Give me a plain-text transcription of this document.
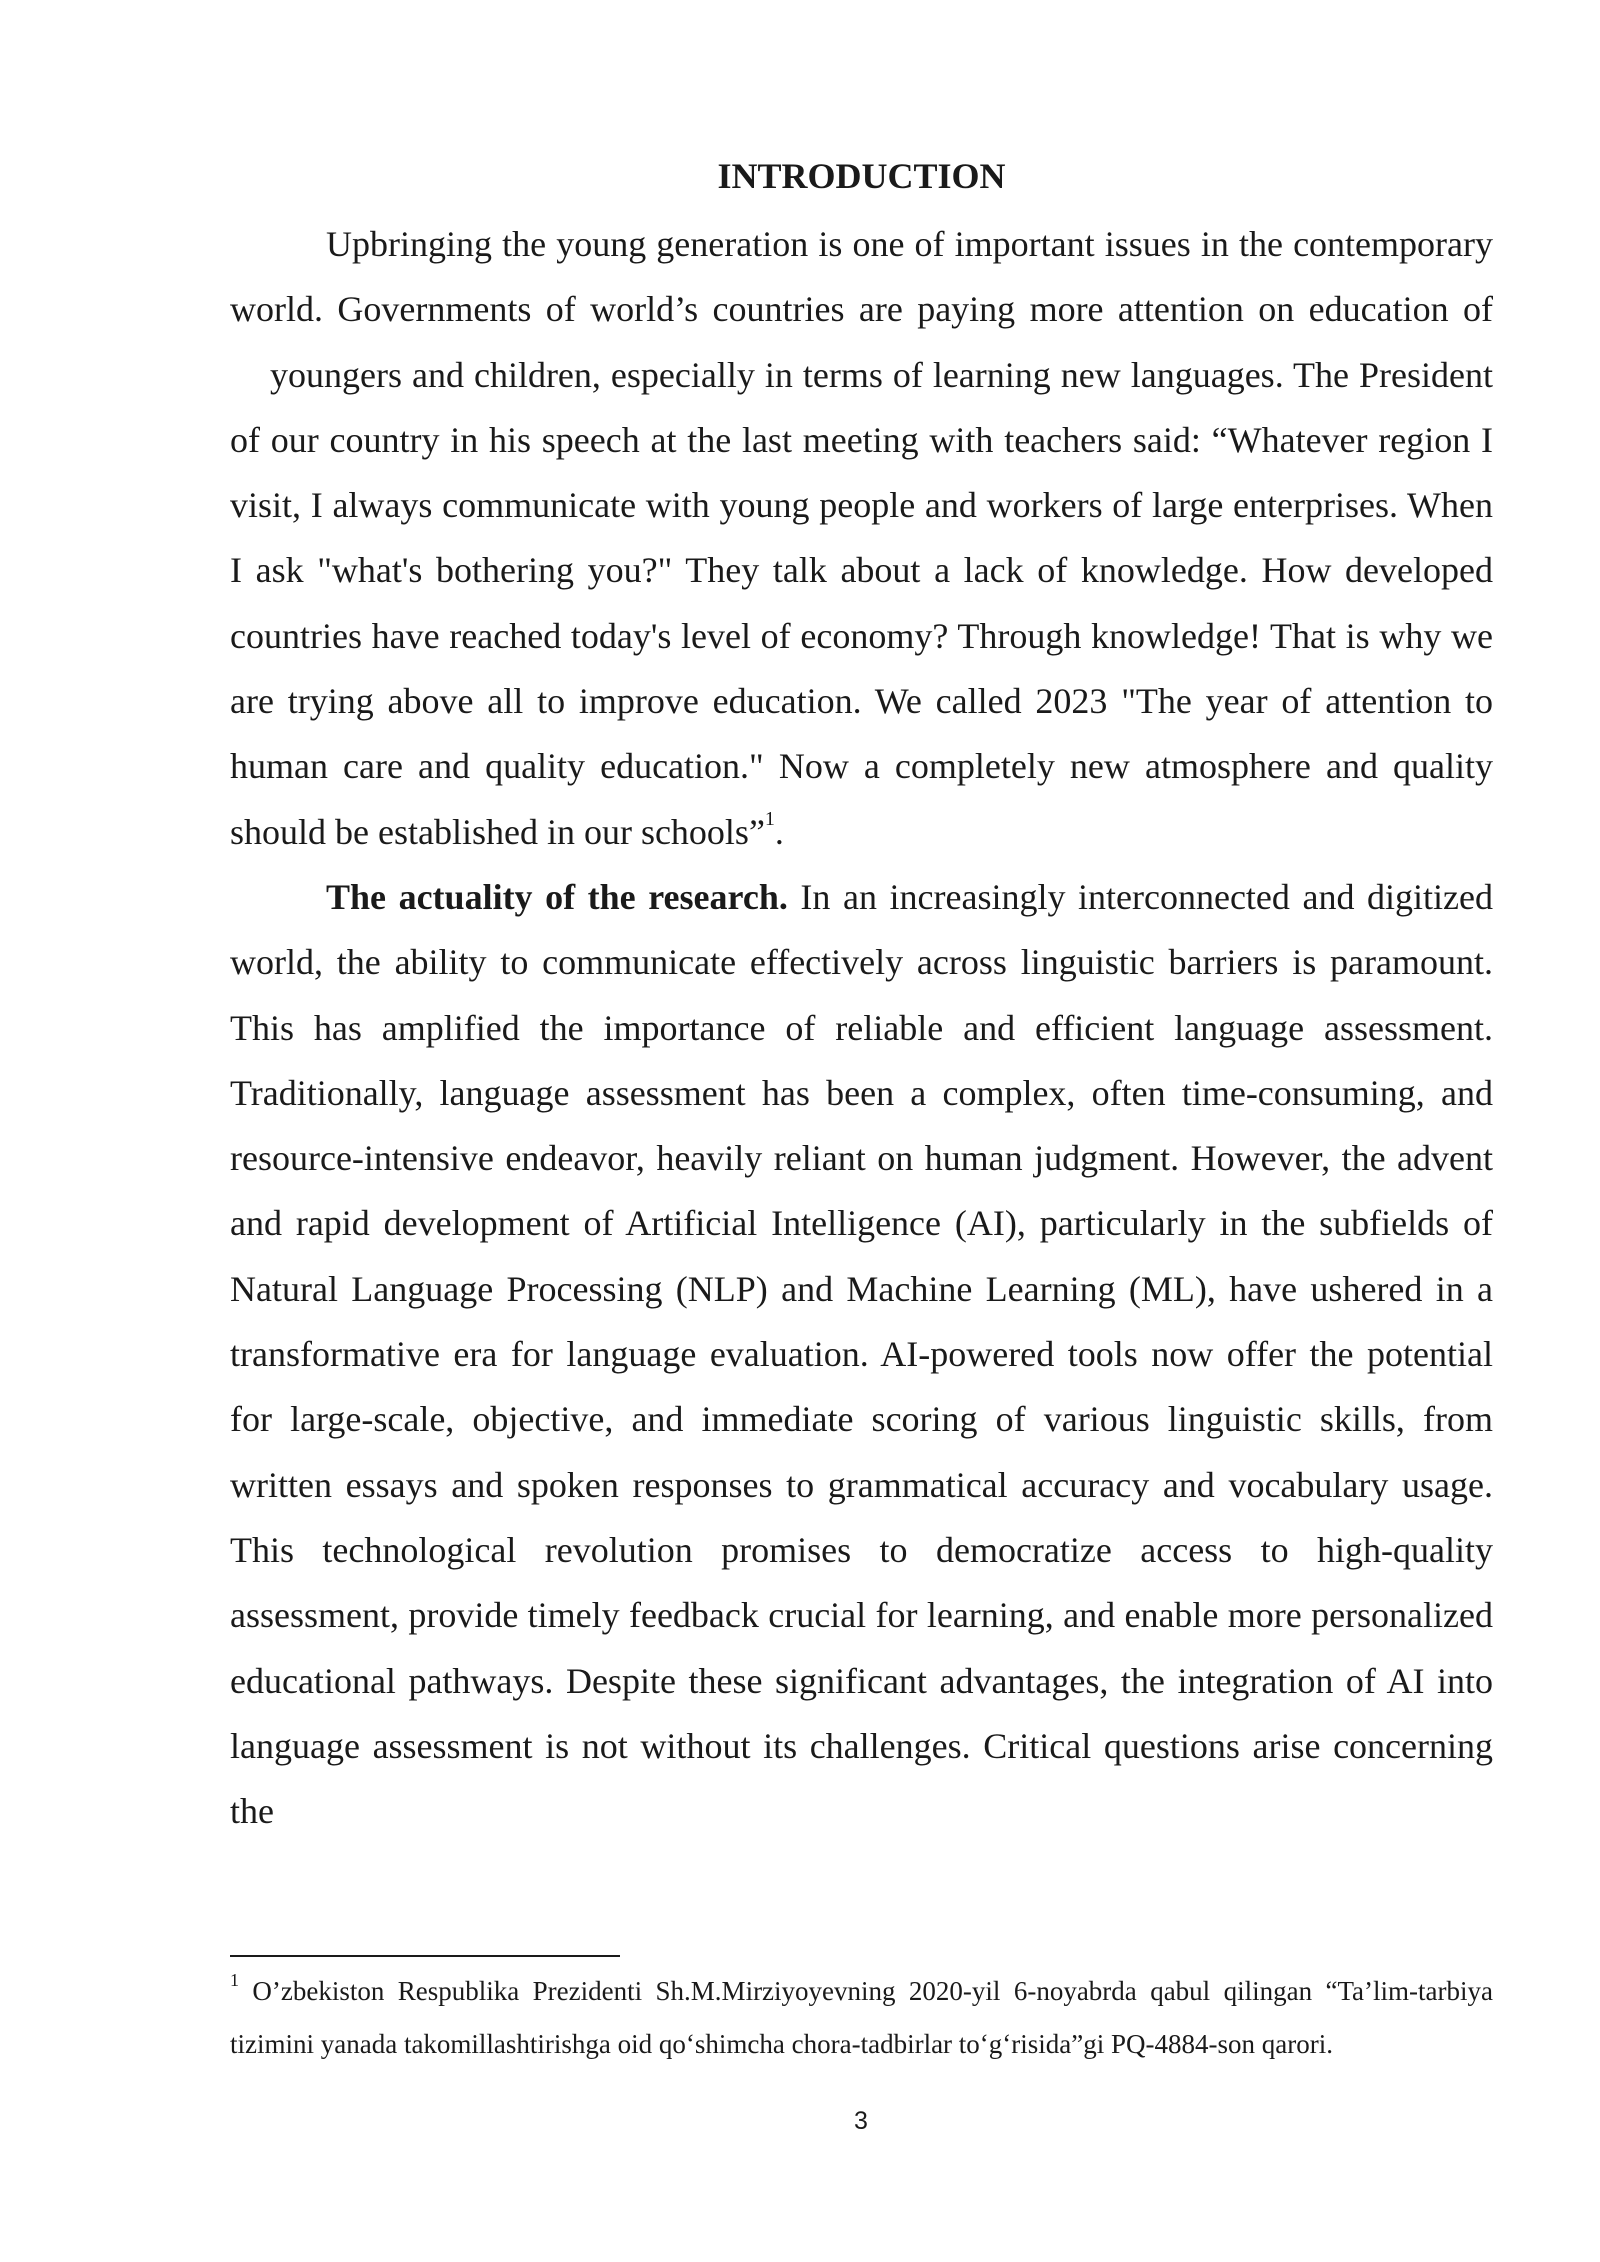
INTRODUCTION

Upbringing the young generation is one of important issues in the contemporary world. Governments of world’s countries are paying more attention on education of     youngers and children, especially in terms of learning new languages. The President of our country in his speech at the last meeting with teachers said: “Whatever region I visit, I always communicate with young people and workers of large enterprises. When I ask "what's bothering you?" They talk about a lack of knowledge. How developed countries have reached today's level of economy? Through knowledge! That is why we are trying above all to improve education. We called 2023 "The year of attention to human care and quality education." Now a completely new atmosphere and quality should be established in our schools”$^1$.

The actuality of the research. In an increasingly interconnected and digitized world, the ability to communicate effectively across linguistic barriers is paramount. This has amplified the importance of reliable and efficient language assessment. Traditionally, language assessment has been a complex, often time-consuming, and resource-intensive endeavor, heavily reliant on human judgment. However, the advent and rapid development of Artificial Intelligence (AI), particularly in the subfields of Natural Language Processing (NLP) and Machine Learning (ML), have ushered in a transformative era for language evaluation. AI-powered tools now offer the potential for large-scale, objective, and immediate scoring of various linguistic skills, from written essays and spoken responses to grammatical accuracy and vocabulary usage. This technological revolution promises to democratize access to high-quality assessment, provide timely feedback crucial for learning, and enable more personalized educational pathways. Despite these significant advantages, the integration of AI into language assessment is not without its challenges. Critical questions arise concerning the

$^1$ O’zbekiston Respublika Prezidenti Sh.M.Mirziyoyevning 2020-yil 6-noyabrda qabul qilingan “Ta’lim-tarbiya tizimini yanada takomillashtirishga oid qo‘shimcha chora-tadbirlar to‘g‘risida”gi PQ-4884-son qarori.

3
